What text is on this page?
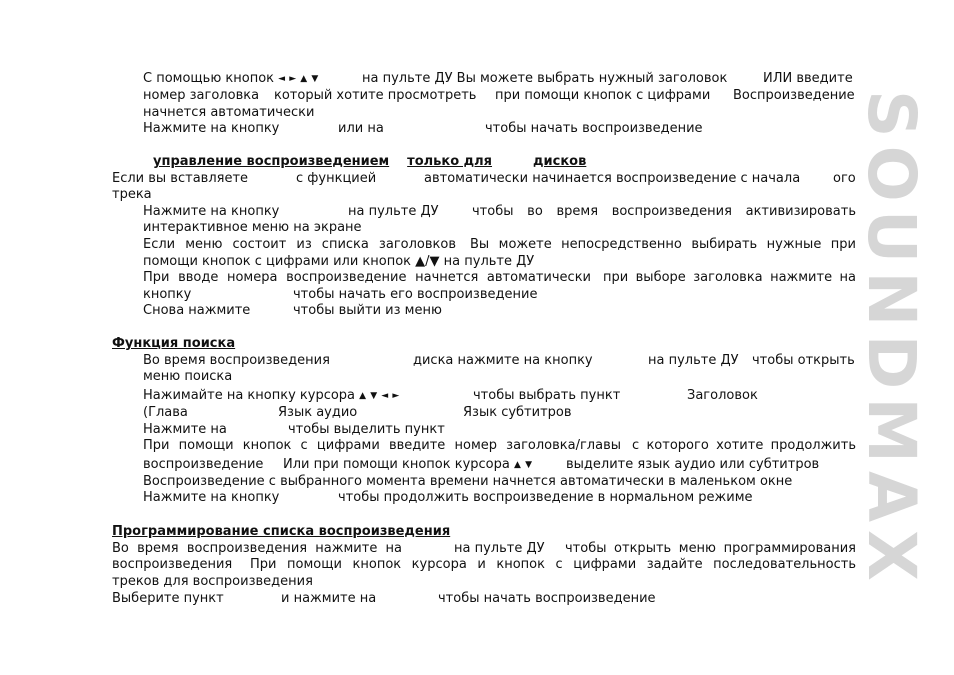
SOUNDMAX
С помощью кнопок ◄ ► ▲ ▼	на пульте ДУ Вы можете выбрать нужный заголовок	ИЛИ введите
номер заголовка который хотите просмотреть при помощи кнопок с цифрами Воспроизведение
начнется автоматически
Нажмите на кнопку	или на	чтобы начать воспроизведение
управление воспроизведением только для	дисков
Если вы вставляете	с функцией	автоматически начинается воспроизведение с начала	ого
трека
Нажмите на кнопку	на пульте ДУ	чтобы во время воспроизведения активизировать
интерактивное меню на экране
Если меню состоит из списка заголовков Вы можете непосредственно выбирать нужные при
помощи кнопок с цифрами или кнопок ▲/▼ на пульте ДУ
При вводе номера воспроизведение начнется автоматически при выборе заголовка нажмите на
кнопку	чтобы начать его воспроизведение
Снова нажмите	чтобы выйти из меню
Функция поиска
Во время воспроизведения	диска нажмите на кнопку	на пульте ДУ чтобы открыть
меню поиска
Нажимайте на кнопку курсора ▲ ▼ ◄ ►	чтобы выбрать пункт	Заголовок
(Глава	Язык аудио	Язык субтитров
Нажмите на	чтобы выделить пункт
При помощи кнопок с цифрами введите номер заголовка/главы с которого хотите продолжить
воспроизведение Или при помощи кнопок курсора ▲ ▼	выделите язык аудио или субтитров
Воспроизведение с выбранного момента времени начнется автоматически в маленьком окне
Нажмите на кнопку	чтобы продолжить воспроизведение в нормальном режиме
Программирование списка воспроизведения
Во время воспроизведения нажмите на	на пульте ДУ чтобы открыть меню программирования
воспроизведения При помощи кнопок курсора и кнопок с цифрами задайте последовательность
треков для воспроизведения
Выберите пункт	и нажмите на	чтобы начать воспроизведение
